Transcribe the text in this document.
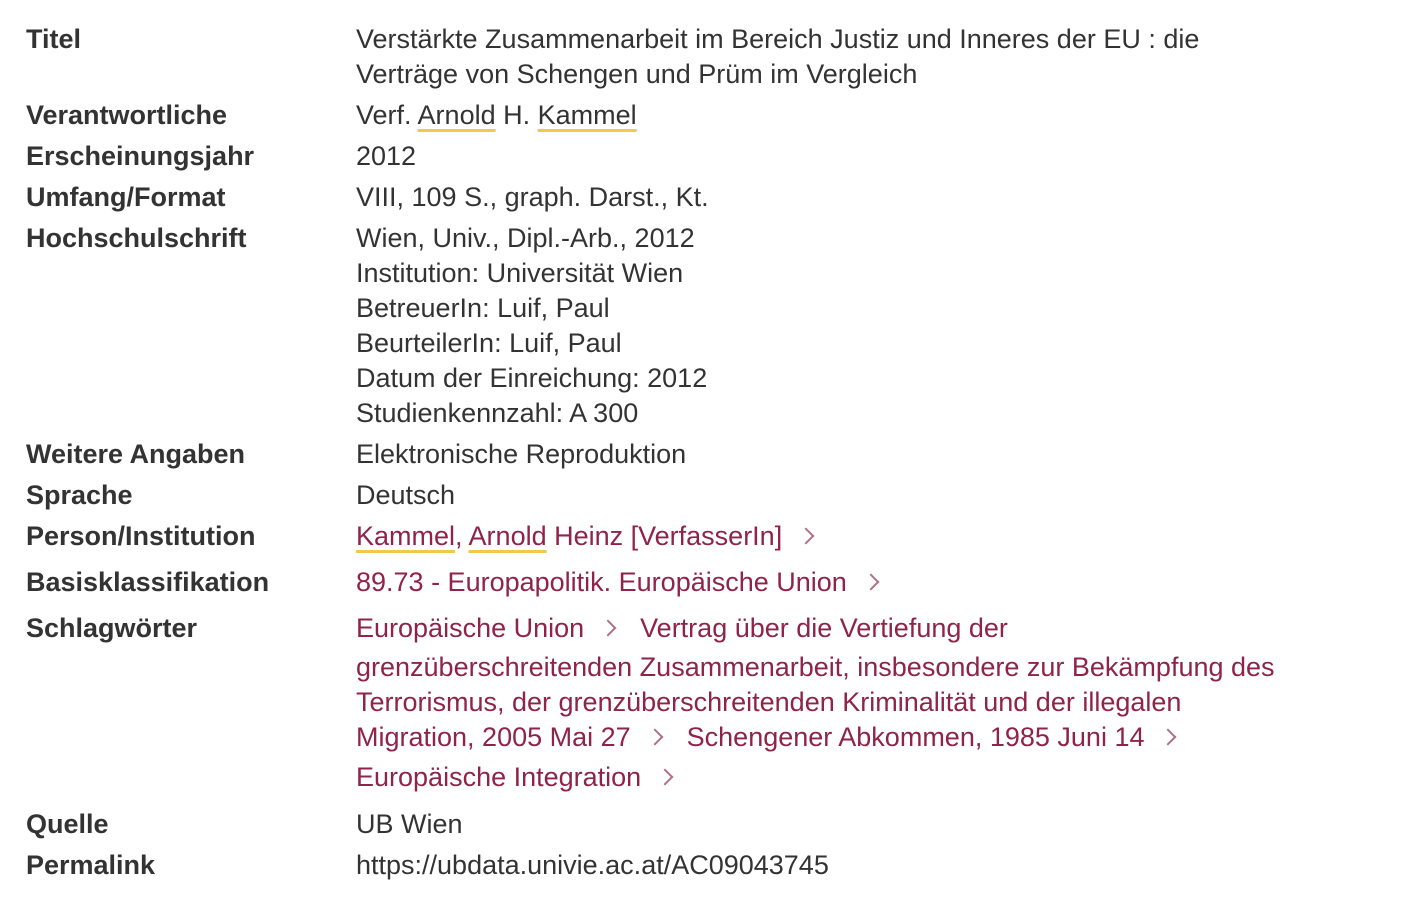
Titel	Verstärkte Zusammenarbeit im Bereich Justiz und Inneres der EU : die
Verträge von Schengen und Prüm im Vergleich
Verantwortliche	Verf. Arnold H. Kammel
Erscheinungsjahr	2012
Umfang/Format	VIII, 109 S., graph. Darst., Kt.
Hochschulschrift	Wien, Univ., Dipl.-Arb., 2012
Institution: Universität Wien
BetreuerIn: Luif, Paul
BeurteilerIn: Luif, Paul
Datum der Einreichung: 2012
Studienkennzahl: A 300
Weitere Angaben	Elektronische Reproduktion
Sprache	Deutsch
Person/Institution	Kammel, Arnold Heinz [VerfasserIn]
Basisklassifikation	89.73 - Europapolitik. Europäische Union
Schlagwörter	Europäische Union Vertrag über die Vertiefung der
grenzüberschreitenden Zusammenarbeit, insbesondere zur Bekämpfung des
Terrorismus, der grenzüberschreitenden Kriminalität und der illegalen
Migration, 2005 Mai 27 Schengener Abkommen, 1985 Juni 14
Europäische Integration
Quelle	UB Wien
Permalink	https://ubdata.univie.ac.at/AC09043745
